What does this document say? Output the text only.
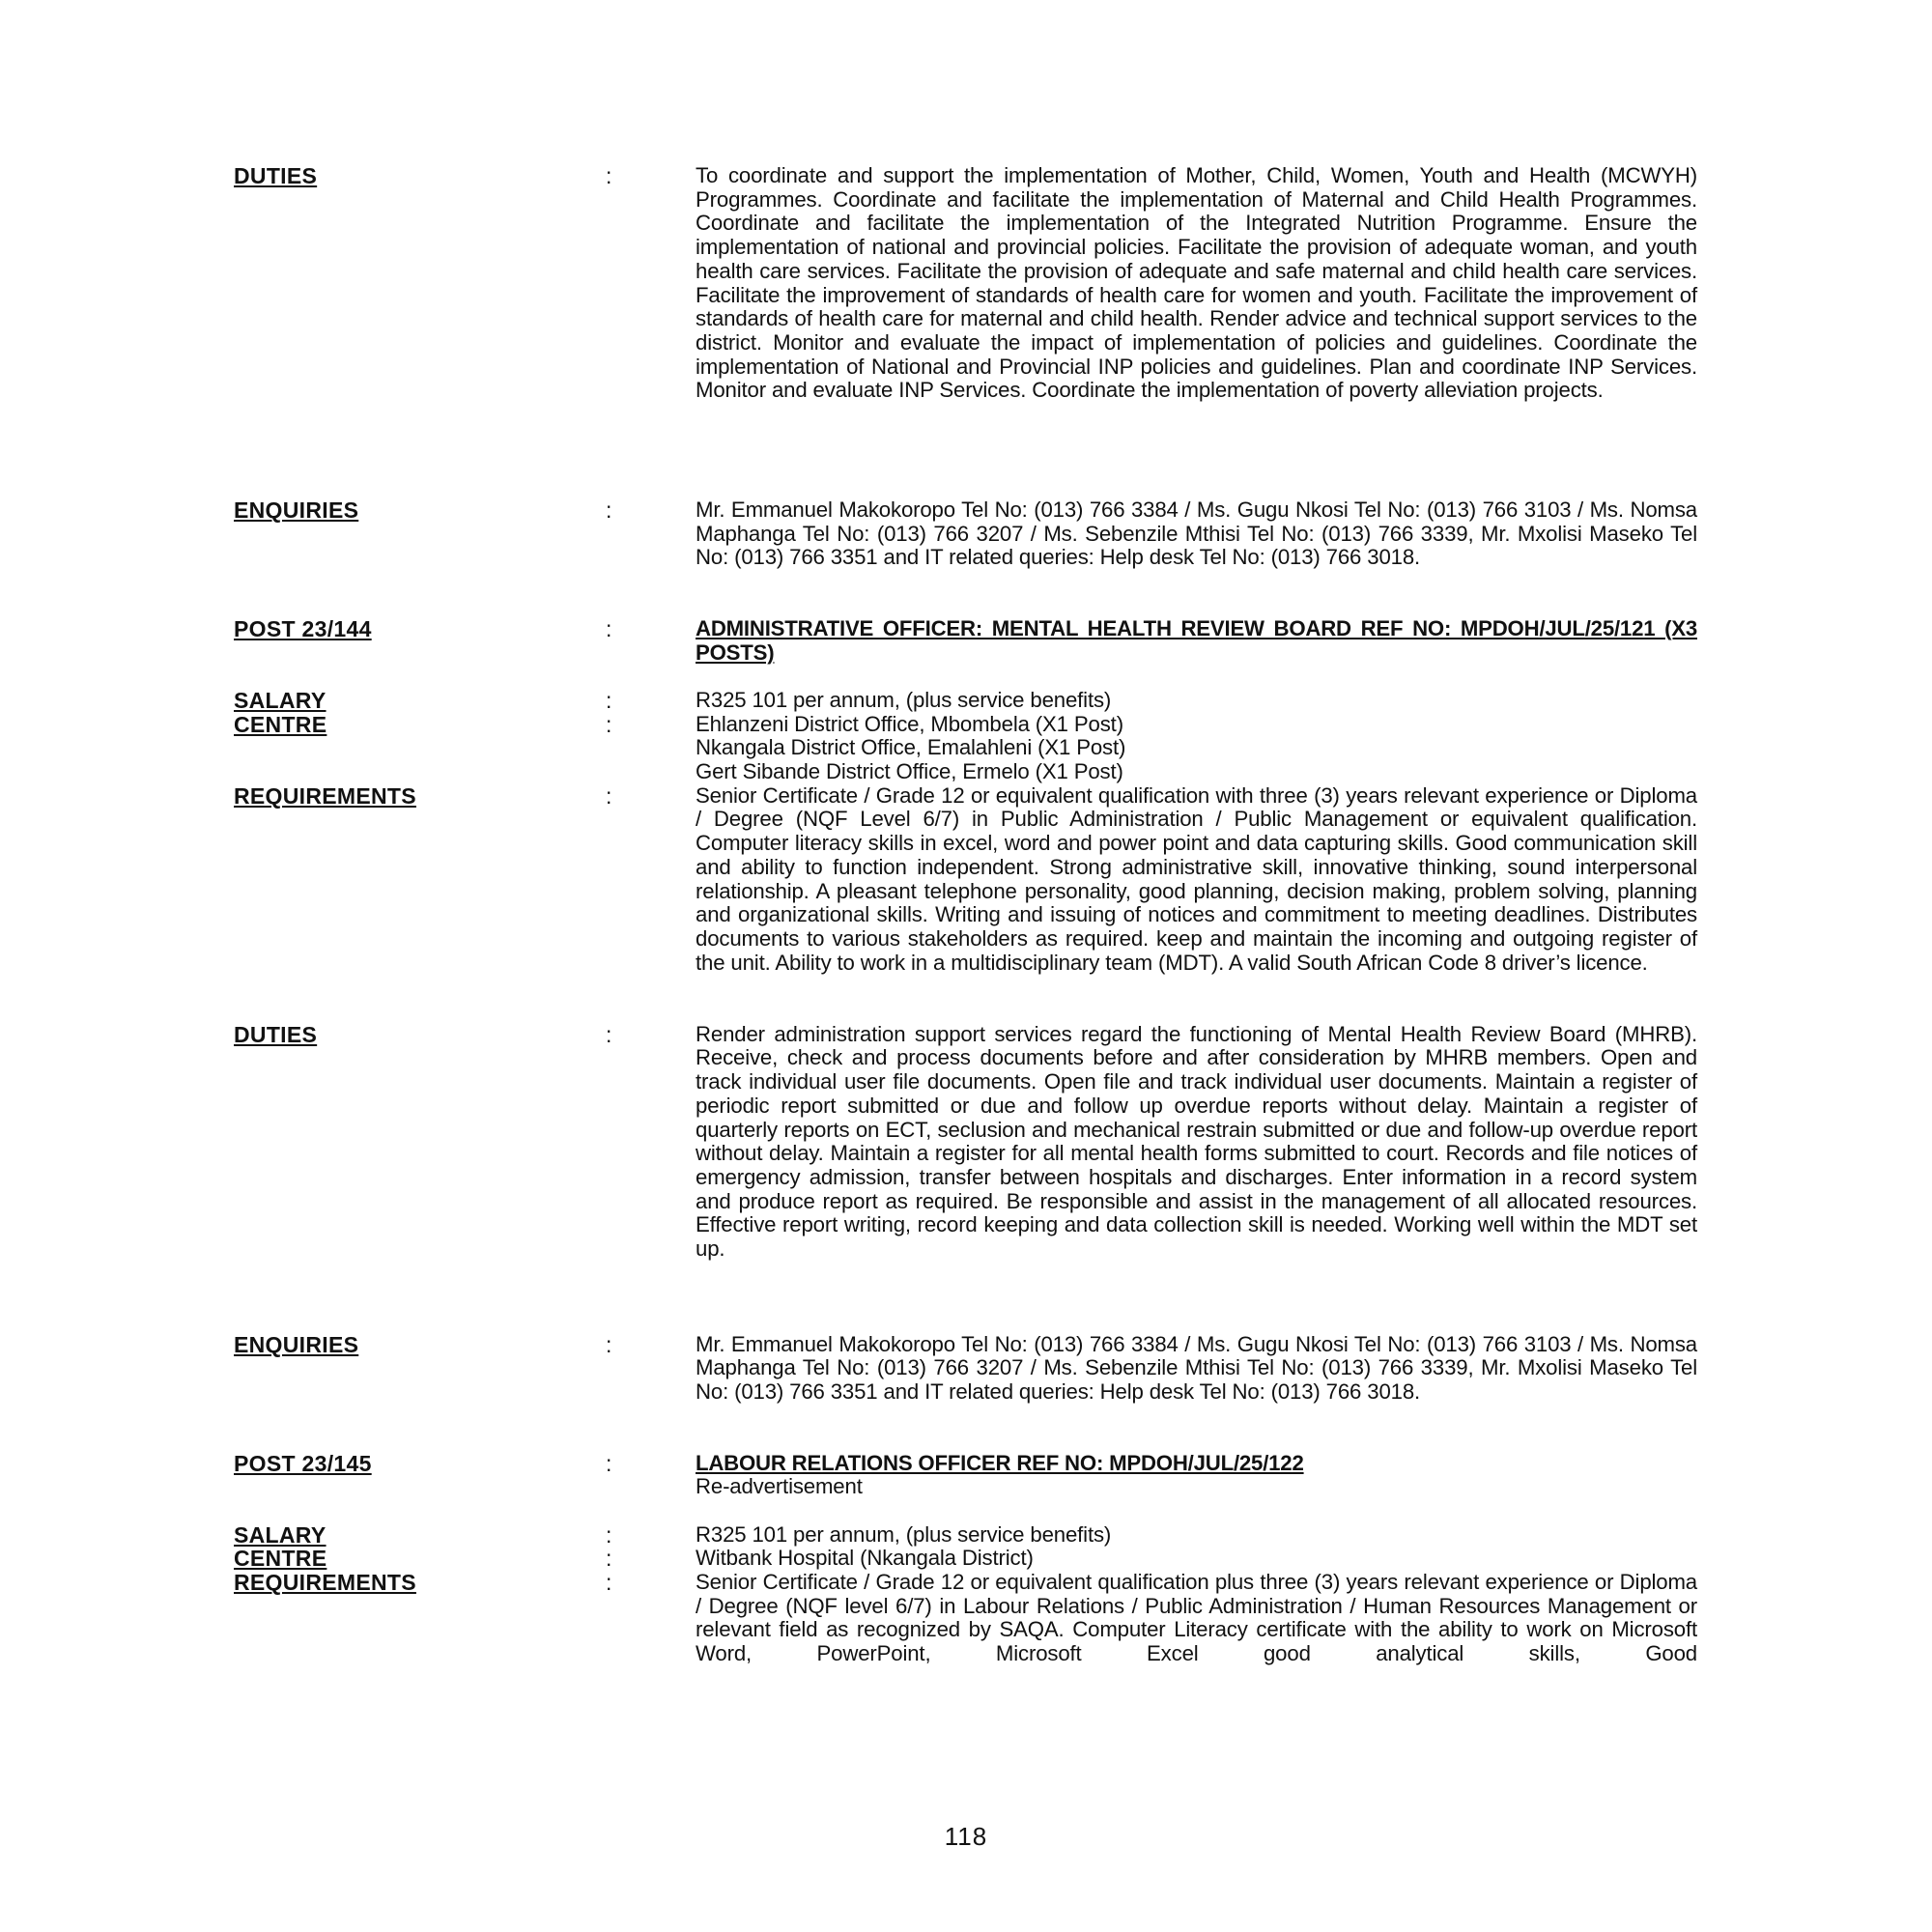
DUTIES	:	To coordinate and support the implementation of Mother, Child, Women, Youth and Health (MCWYH) Programmes. Coordinate and facilitate the implementation of Maternal and Child Health Programmes. Coordinate and facilitate the implementation of the Integrated Nutrition Programme. Ensure the implementation of national and provincial policies. Facilitate the provision of adequate woman, and youth health care services. Facilitate the provision of adequate and safe maternal and child health care services. Facilitate the improvement of standards of health care for women and youth. Facilitate the improvement of standards of health care for maternal and child health. Render advice and technical support services to the district. Monitor and evaluate the impact of implementation of policies and guidelines. Coordinate the implementation of National and Provincial INP policies and guidelines. Plan and coordinate INP Services. Monitor and evaluate INP Services. Coordinate the implementation of poverty alleviation projects.
ENQUIRIES	:	Mr. Emmanuel Makokoropo Tel No: (013) 766 3384 / Ms. Gugu Nkosi Tel No: (013) 766 3103 / Ms. Nomsa Maphanga Tel No: (013) 766 3207 / Ms. Sebenzile Mthisi Tel No: (013) 766 3339, Mr. Mxolisi Maseko Tel No: (013) 766 3351 and IT related queries: Help desk Tel No: (013) 766 3018.
POST 23/144	:	ADMINISTRATIVE OFFICER: MENTAL HEALTH REVIEW BOARD REF NO: MPDOH/JUL/25/121 (X3 POSTS)
SALARY	:	R325 101 per annum, (plus service benefits)
CENTRE	:	Ehlanzeni District Office, Mbombela (X1 Post)
Nkangala District Office, Emalahleni (X1 Post)
Gert Sibande District Office, Ermelo (X1 Post)
REQUIREMENTS	:	Senior Certificate / Grade 12 or equivalent qualification with three (3) years relevant experience or Diploma / Degree (NQF Level 6/7) in Public Administration / Public Management or equivalent qualification. Computer literacy skills in excel, word and power point and data capturing skills. Good communication skill and ability to function independent. Strong administrative skill, innovative thinking, sound interpersonal relationship. A pleasant telephone personality, good planning, decision making, problem solving, planning and organizational skills. Writing and issuing of notices and commitment to meeting deadlines. Distributes documents to various stakeholders as required. keep and maintain the incoming and outgoing register of the unit. Ability to work in a multidisciplinary team (MDT). A valid South African Code 8 driver’s licence.
DUTIES	:	Render administration support services regard the functioning of Mental Health Review Board (MHRB). Receive, check and process documents before and after consideration by MHRB members. Open and track individual user file documents. Open file and track individual user documents. Maintain a register of periodic report submitted or due and follow up overdue reports without delay. Maintain a register of quarterly reports on ECT, seclusion and mechanical restrain submitted or due and follow-up overdue report without delay. Maintain a register for all mental health forms submitted to court. Records and file notices of emergency admission, transfer between hospitals and discharges. Enter information in a record system and produce report as required. Be responsible and assist in the management of all allocated resources. Effective report writing, record keeping and data collection skill is needed. Working well within the MDT set up.
ENQUIRIES	:	Mr. Emmanuel Makokoropo Tel No: (013) 766 3384 / Ms. Gugu Nkosi Tel No: (013) 766 3103 / Ms. Nomsa Maphanga Tel No: (013) 766 3207 / Ms. Sebenzile Mthisi Tel No: (013) 766 3339, Mr. Mxolisi Maseko Tel No: (013) 766 3351 and IT related queries: Help desk Tel No: (013) 766 3018.
POST 23/145	:	LABOUR RELATIONS OFFICER REF NO: MPDOH/JUL/25/122
Re-advertisement
SALARY	:	R325 101 per annum, (plus service benefits)
CENTRE	:	Witbank Hospital (Nkangala District)
REQUIREMENTS	:	Senior Certificate / Grade 12 or equivalent qualification plus three (3) years relevant experience or Diploma / Degree (NQF level 6/7) in Labour Relations / Public Administration / Human Resources Management or relevant field as recognized by SAQA. Computer Literacy certificate with the ability to work on Microsoft Word, PowerPoint, Microsoft Excel good analytical skills, Good
118
